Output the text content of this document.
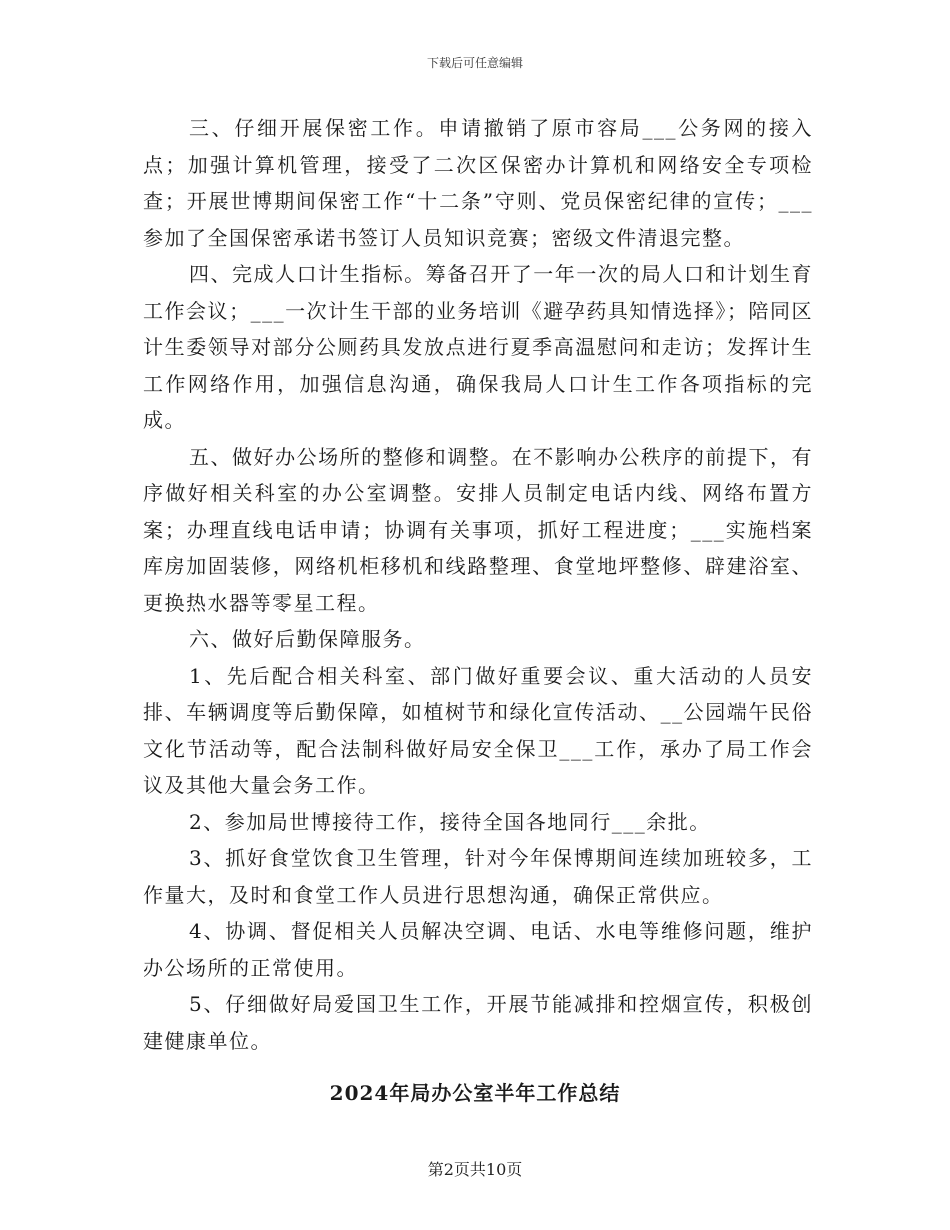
下载后可任意编辑

三、仔细开展保密工作。申请撤销了原市容局___公务网的接入点；加强计算机管理，接受了二次区保密办计算机和网络安全专项检查；开展世博期间保密工作“十二条”守则、党员保密纪律的宣传；___参加了全国保密承诺书签订人员知识竞赛；密级文件清退完整。

四、完成人口计生指标。筹备召开了一年一次的局人口和计划生育工作会议；___一次计生干部的业务培训《避孕药具知情选择》；陪同区计生委领导对部分公厕药具发放点进行夏季高温慰问和走访；发挥计生工作网络作用，加强信息沟通，确保我局人口计生工作各项指标的完成。

五、做好办公场所的整修和调整。在不影响办公秩序的前提下，有序做好相关科室的办公室调整。安排人员制定电话内线、网络布置方案；办理直线电话申请；协调有关事项，抓好工程进度；___实施档案库房加固装修，网络机柜移机和线路整理、食堂地坪整修、辟建浴室、更换热水器等零星工程。

六、做好后勤保障服务。

1、先后配合相关科室、部门做好重要会议、重大活动的人员安排、车辆调度等后勤保障，如植树节和绿化宣传活动、__公园端午民俗文化节活动等，配合法制科做好局安全保卫___工作，承办了局工作会议及其他大量会务工作。

2、参加局世博接待工作，接待全国各地同行___余批。

3、抓好食堂饮食卫生管理，针对今年保博期间连续加班较多，工作量大，及时和食堂工作人员进行思想沟通，确保正常供应。

4、协调、督促相关人员解决空调、电话、水电等维修问题，维护办公场所的正常使用。

5、仔细做好局爱国卫生工作，开展节能减排和控烟宣传，积极创建健康单位。

2024年局办公室半年工作总结
第2页共10页
